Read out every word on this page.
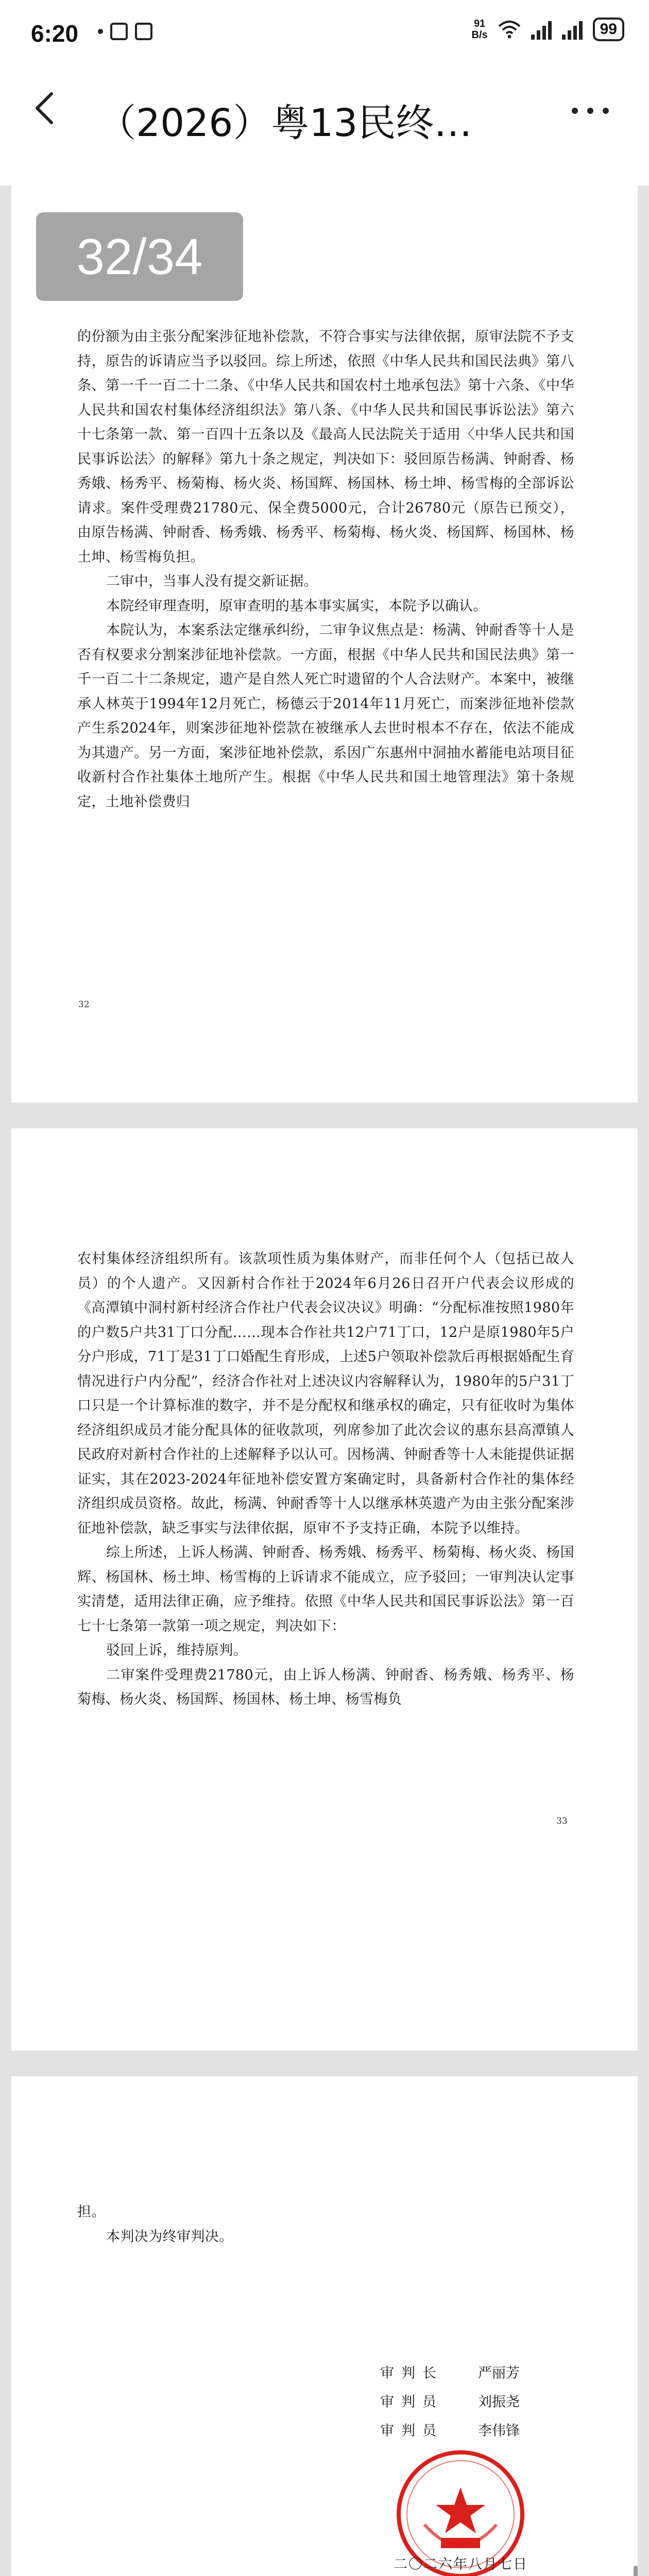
6:20	91
B/s	99
（2026）粤13民终…

的份额为由主张分配案涉征地补偿款，不符合事实与法律依据，原审法院不予支持，原告的诉请应当予以驳回。综上所述，依照《中华人民共和国民法典》第八条、第一千一百二十二条、《中华人民共和国农村土地承包法》第十六条、《中华人民共和国农村集体经济组织法》第八条、《中华人民共和国民事诉讼法》第六十七条第一款、第一百四十五条以及《最高人民法院关于适用〈中华人民共和国民事诉讼法〉的解释》第九十条之规定，判决如下：驳回原告杨满、钟耐香、杨秀娥、杨秀平、杨菊梅、杨火炎、杨国辉、杨国林、杨土坤、杨雪梅的全部诉讼请求。案件受理费21780元、保全费5000元，合计26780元（原告已预交），由原告杨满、钟耐香、杨秀娥、杨秀平、杨菊梅、杨火炎、杨国辉、杨国林、杨土坤、杨雪梅负担。

二审中，当事人没有提交新证据。

本院经审理查明，原审查明的基本事实属实，本院予以确认。

本院认为，本案系法定继承纠纷，二审争议焦点是：杨满、钟耐香等十人是否有权要求分割案涉征地补偿款。一方面，根据《中华人民共和国民法典》第一千一百二十二条规定，遗产是自然人死亡时遗留的个人合法财产。本案中，被继承人林英于1994年12月死亡，杨德云于2014年11月死亡，而案涉征地补偿款产生系2024年，则案涉征地补偿款在被继承人去世时根本不存在，依法不能成为其遗产。另一方面，案涉征地补偿款，系因广东惠州中洞抽水蓄能电站项目征收新村合作社集体土地所产生。根据《中华人民共和国土地管理法》第十条规定，土地补偿费归

32

农村集体经济组织所有。该款项性质为集体财产，而非任何个人（包括已故人员）的个人遗产。又因新村合作社于2024年6月26日召开户代表会议形成的《高潭镇中洞村新村经济合作社户代表会议决议》明确：“分配标准按照1980年的户数5户共31丁口分配……现本合作社共12户71丁口，12户是原1980年5户分户形成，71丁是31丁口婚配生育形成，上述5户领取补偿款后再根据婚配生育情况进行户内分配”，经济合作社对上述决议内容解释认为，1980年的5户31丁口只是一个计算标准的数字，并不是分配权和继承权的确定，只有征收时为集体经济组织成员才能分配具体的征收款项，列席参加了此次会议的惠东县高潭镇人民政府对新村合作社的上述解释予以认可。因杨满、钟耐香等十人未能提供证据证实，其在2023-2024年征地补偿安置方案确定时，具备新村合作社的集体经济组织成员资格。故此，杨满、钟耐香等十人以继承林英遗产为由主张分配案涉征地补偿款，缺乏事实与法律依据，原审不予支持正确，本院予以维持。

综上所述，上诉人杨满、钟耐香、杨秀娥、杨秀平、杨菊梅、杨火炎、杨国辉、杨国林、杨土坤、杨雪梅的上诉请求不能成立，应予驳回；一审判决认定事实清楚，适用法律正确，应予维持。依照《中华人民共和国民事诉讼法》第一百七十七条第一款第一项之规定，判决如下：

驳回上诉，维持原判。

二审案件受理费21780元，由上诉人杨满、钟耐香、杨秀娥、杨秀平、杨菊梅、杨火炎、杨国辉、杨国林、杨土坤、杨雪梅负

33

担。

本判决为终审判决。

审判长	严丽芳
审判员	刘振尧
审判员	李伟锋
二〇二六年八月七日
32/34
